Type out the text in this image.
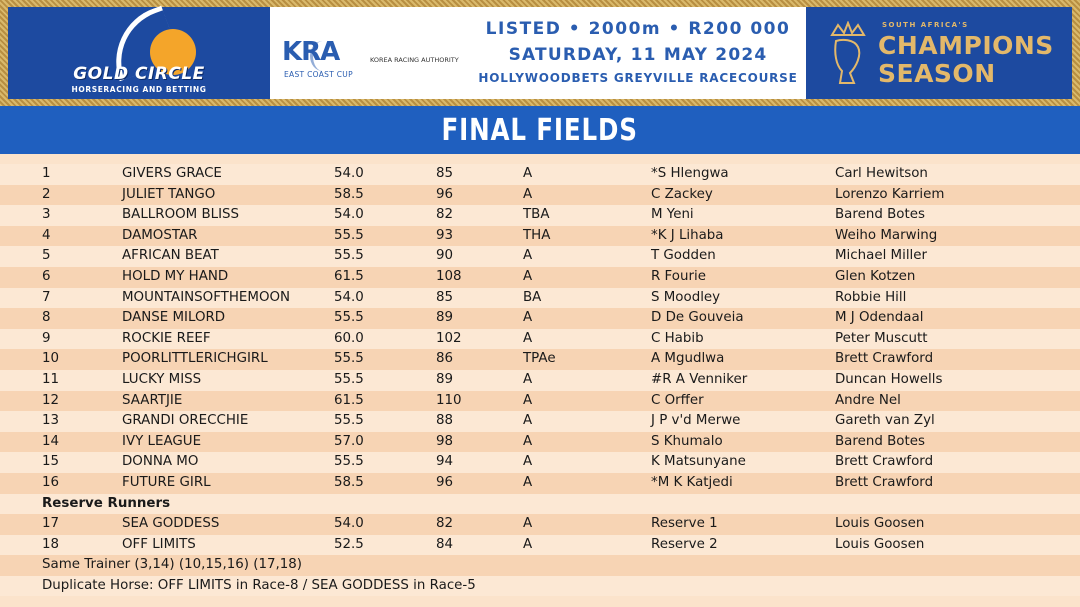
GOLD CIRCLE
HORSERACING AND BETTING
KRA	KOREA RACING AUTHORITY
EAST COAST CUP
LISTED • 2000m • R200 000
SATURDAY, 11 MAY 2024
HOLLYWOODBETS GREYVILLE RACECOURSE
SOUTH AFRICA'S
CHAMPIONS
SEASON
FINAL FIELDS
1	GIVERS GRACE	54.0	85	A	*S Hlengwa	Carl Hewitson
2	JULIET TANGO	58.5	96	A	C Zackey	Lorenzo Karriem
3	BALLROOM BLISS	54.0	82	TBA	M Yeni	Barend Botes
4	DAMOSTAR	55.5	93	THA	*K J Lihaba	Weiho Marwing
5	AFRICAN BEAT	55.5	90	A	T Godden	Michael Miller
6	HOLD MY HAND	61.5	108	A	R Fourie	Glen Kotzen
7	MOUNTAINSOFTHEMOON	54.0	85	BA	S Moodley	Robbie Hill
8	DANSE MILORD	55.5	89	A	D De Gouveia	M J Odendaal
9	ROCKIE REEF	60.0	102	A	C Habib	Peter Muscutt
10	POORLITTLERICHGIRL	55.5	86	TPAe	A Mgudlwa	Brett Crawford
11	LUCKY MISS	55.5	89	A	#R A Venniker	Duncan Howells
12	SAARTJIE	61.5	110	A	C Orffer	Andre Nel
13	GRANDI ORECCHIE	55.5	88	A	J P v'd Merwe	Gareth van Zyl
14	IVY LEAGUE	57.0	98	A	S Khumalo	Barend Botes
15	DONNA MO	55.5	94	A	K Matsunyane	Brett Crawford
16	FUTURE GIRL	58.5	96	A	*M K Katjedi	Brett Crawford
Reserve Runners
17	SEA GODDESS	54.0	82	A	Reserve 1	Louis Goosen
18	OFF LIMITS	52.5	84	A	Reserve 2	Louis Goosen
Same Trainer (3,14) (10,15,16) (17,18)
Duplicate Horse: OFF LIMITS in Race-8 / SEA GODDESS in Race-5
